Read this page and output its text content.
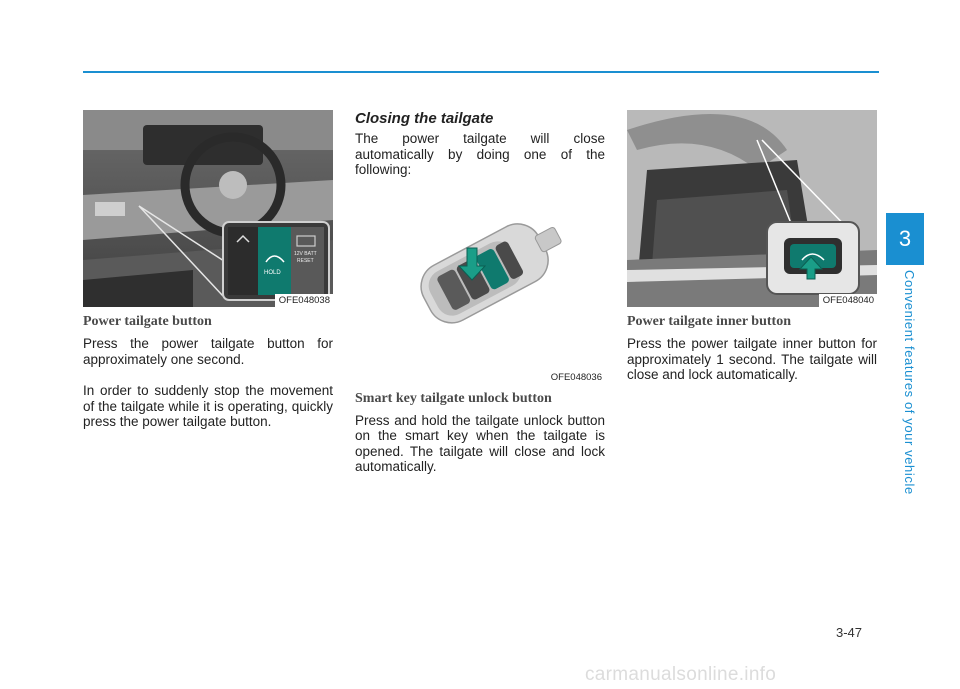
HOLD
12V BATT
RESET
OFE048038
Power tailgate button

Press the power tailgate button for approximately one second.

In order to suddenly stop the movement of the tailgate while it is operating, quickly press the power tailgate button.

Closing the tailgate

The power tailgate will close automatically by doing one of the following:

OFE048036
Smart key tailgate unlock button

Press and hold the tailgate unlock button on the smart key when the tailgate is opened. The tailgate will close and lock automatically.

OFE048040
Power tailgate inner button

Press the power tailgate inner button for approximately 1 second. The tailgate will close and lock automatically.

3
Convenient features of your vehicle
3-47
carmanualsonline.info
